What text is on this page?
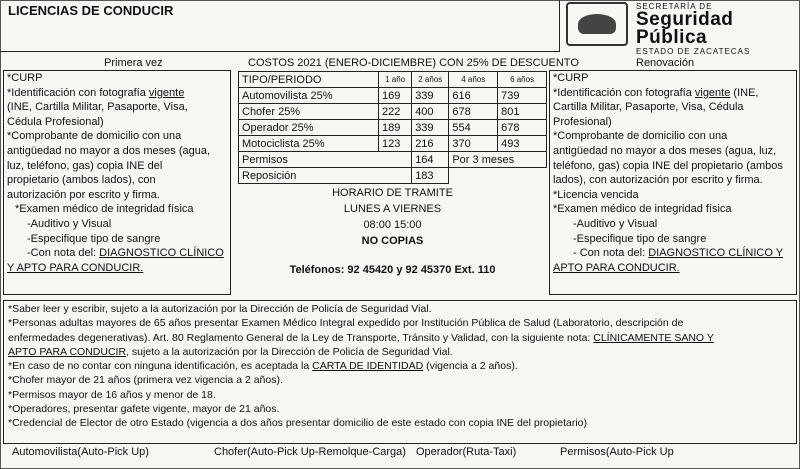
LICENCIAS DE CONDUCIR	SECRETARÍA DE
Seguridad
Pública
ESTADO DE ZACATECAS
Primera vez	COSTOS 2021 (ENERO-DICIEMBRE) CON 25% DE DESCUENTO	Renovación
*CURP
*Identificación con fotografía vigente
(INE, Cartilla Militar, Pasaporte, Visa,
Cédula Profesional)
*Comprobante de domicilio con una
antigüedad no mayor a dos meses (agua,
luz, teléfono, gas) copia INE del
propietario (ambos lados), con
autorización por escrito y firma.
*Examen médico de integridad física
-Auditivo y Visual
-Especifique tipo de sangre
-Con nota del: DIAGNOSTICO CLÍNICO
Y APTO PARA CONDUCIR.
*CURP
*Identificación con fotografía vigente (INE,
Cartilla Militar, Pasaporte, Visa, Cédula
Profesional)
*Comprobante de domicilio con una
antigüedad no mayor a dos meses (agua, luz,
teléfono, gas) copia INE del propietario (ambos
lados), con autorización por escrito y firma.
*Licencia vencida
*Examen médico de integridad física
-Auditivo y Visual
-Especifique tipo de sangre
- Con nota del: DIAGNOSTICO CLÍNICO Y
APTO PARA CONDUCIR.
TIPO/PERIODO	1 año	2 años	4 años	6 años
Automovilista 25%	169	339	616	739
Chofer 25%	222	400	678	801
Operador 25%	189	339	554	678
Motociclista 25%	123	216	370	493
Permisos		164	Por 3 meses	
Reposición		183		
HORARIO DE TRAMITE
LUNES A VIERNES
08:00 15:00
NO COPIAS
Teléfonos: 92 45420 y 92 45370 Ext. 110
*Saber leer y escribir, sujeto a la autorización por la Dirección de Policía de Seguridad Vial.
*Personas adultas mayores de 65 años presentar Examen Médico Integral expedido por Institución Pública de Salud (Laboratorio, descripción de
enfermedades degenerativas). Art. 80 Reglamento General de la Ley de Transporte, Tránsito y Validad, con la siguiente nota: CLÍNICAMENTE SANO Y
APTO PARA CONDUCIR, sujeto a la autorización por la Dirección de Policía de Seguridad Vial.
*En caso de no contar con ninguna identificación, es aceptada la CARTA DE IDENTIDAD (vigencia a 2 años).
*Chofer mayor de 21 años (primera vez vigencia a 2 años).
*Permisos mayor de 16 años y menor de 18.
*Operadores, presentar gafete vigente, mayor de 21 años.
*Credencial de Elector de otro Estado (vigencia a dos años presentar domicilio de este estado con copia INE del propietario)
Automovilista(Auto-Pick Up)	Chofer(Auto-Pick Up-Remolque-Carga) Operador(Ruta-Taxi)	Permisos(Auto-Pick Up
